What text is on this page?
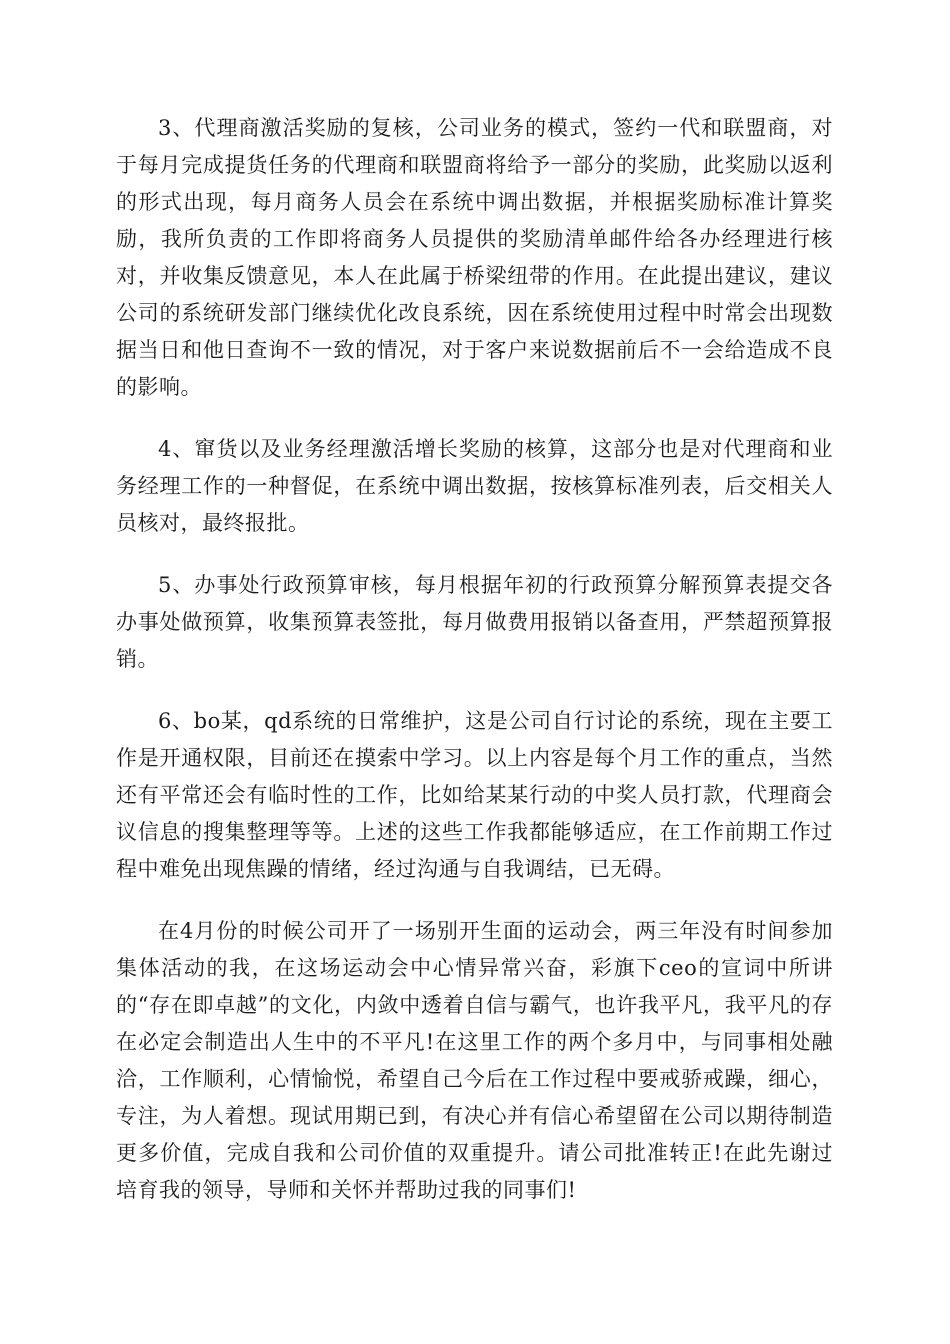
3、代理商激活奖励的复核，公司业务的模式，签约一代和联盟商，对于每月完成提货任务的代理商和联盟商将给予一部分的奖励，此奖励以返利的形式出现，每月商务人员会在系统中调出数据，并根据奖励标准计算奖励，我所负责的工作即将商务人员提供的奖励清单邮件给各办经理进行核对，并收集反馈意见，本人在此属于桥梁纽带的作用。在此提出建议，建议公司的系统研发部门继续优化改良系统，因在系统使用过程中时常会出现数据当日和他日查询不一致的情况，对于客户来说数据前后不一会给造成不良的影响。

4、窜货以及业务经理激活增长奖励的核算，这部分也是对代理商和业务经理工作的一种督促，在系统中调出数据，按核算标准列表，后交相关人员核对，最终报批。

5、办事处行政预算审核，每月根据年初的行政预算分解预算表提交各办事处做预算，收集预算表签批，每月做费用报销以备查用，严禁超预算报销。

6、bo某，qd系统的日常维护，这是公司自行讨论的系统，现在主要工作是开通权限，目前还在摸索中学习。以上内容是每个月工作的重点，当然还有平常还会有临时性的工作，比如给某某行动的中奖人员打款，代理商会议信息的搜集整理等等。上述的这些工作我都能够适应，在工作前期工作过程中难免出现焦躁的情绪，经过沟通与自我调结，已无碍。

在4月份的时候公司开了一场别开生面的运动会，两三年没有时间参加集体活动的我，在这场运动会中心情异常兴奋，彩旗下ceo的宣词中所讲的“存在即卓越”的文化，内敛中透着自信与霸气，也许我平凡，我平凡的存在必定会制造出人生中的不平凡!在这里工作的两个多月中，与同事相处融洽，工作顺利，心情愉悦，希望自己今后在工作过程中要戒骄戒躁，细心，专注，为人着想。现试用期已到，有决心并有信心希望留在公司以期待制造更多价值，完成自我和公司价值的双重提升。请公司批准转正!在此先谢过培育我的领导，导师和关怀并帮助过我的同事们!
